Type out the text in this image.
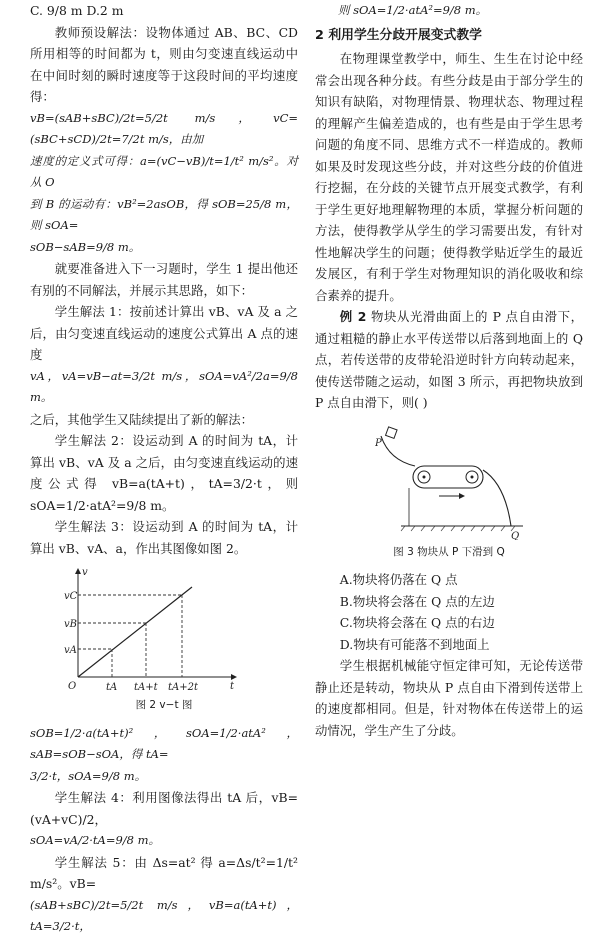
C. 9/8 m D.2 m

教师预设解法：设物体通过 AB、BC、CD 所用相等的时间都为 t，则由匀变速直线运动中在中间时刻的瞬时速度等于这段时间的平均速度得：

vB=(sAB+sBC)/2t=5/2t m/s，vC=(sBC+sCD)/2t=7/2t m/s，由加

速度的定义式可得：a=(vC−vB)/t=1/t² m/s²。对从 O

到 B 的运动有：vB²=2asOB，得 sOB=25/8 m，则 sOA=

sOB−sAB=9/8 m。

就要准备进入下一习题时，学生 1 提出他还有别的不同解法，并展示其思路，如下：

学生解法 1：按前述计算出 vB、vA 及 a 之后，由匀变速直线运动的速度公式算出 A 点的速度

vA，vA=vB−at=3/2t m/s，sOA=vA²/2a=9/8 m。

之后，其他学生又陆续提出了新的解法：

学生解法 2：设运动到 A 的时间为 tA，计算出 vB、vA 及 a 之后，由匀变速直线运动的速度公式得 vB=a(tA+t)，tA=3/2·t，则 sOA=1/2·atA²=9/8 m。

学生解法 3：设运动到 A 的时间为 tA，计算出 vB、vA、a，作出其图像如图 2。

v
t
vC
vB
vA
O	tA tA+t tA+2t

图 2 v−t 图

sOB=1/2·a(tA+t)²，sOA=1/2·atA²，sAB=sOB−sOA，得 tA=

3/2·t，sOA=9/8 m。

学生解法 4：利用图像法得出 tA 后，vB=(vA+vC)/2，

sOA=vA/2·tA=9/8 m。

学生解法 5：由 Δs=at² 得 a=Δs/t²=1/t² m/s²。vB=

(sAB+sBC)/2t=5/2t m/s，vB=a(tA+t)，tA=3/2·t，

则 sOA=1/2·atA²=9/8 m。

2 利用学生分歧开展变式教学

在物理课堂教学中，师生、生生在讨论中经常会出现各种分歧。有些分歧是由于部分学生的知识有缺陷，对物理情景、物理状态、物理过程的理解产生偏差造成的，也有些是由于学生思考问题的角度不同、思维方式不一样造成的。教师如果及时发现这些分歧，并对这些分歧的价值进行挖掘，在分歧的关键节点开展变式教学，有利于学生更好地理解物理的本质，掌握分析问题的方法，使得教学从学生的学习需要出发，有针对性地解决学生的问题；使得教学贴近学生的最近发展区，有利于学生对物理知识的消化吸收和综合素养的提升。

例 2 物块从光滑曲面上的 P 点自由滑下，通过粗糙的静止水平传送带以后落到地面上的 Q 点，若传送带的皮带轮沿逆时针方向转动起来，使传送带随之运动，如图 3 所示，再把物块放到 P 点自由滑下，则( )

P
Q

图 3 物块从 P 下滑到 Q

A.物块将仍落在 Q 点

B.物块将会落在 Q 点的左边

C.物块将会落在 Q 点的右边

D.物块有可能落不到地面上

学生根据机械能守恒定律可知，无论传送带静止还是转动，物块从 P 点自由下滑到传送带上的速度都相同。但是，针对物体在传送带上的运动情况，学生产生了分歧。
